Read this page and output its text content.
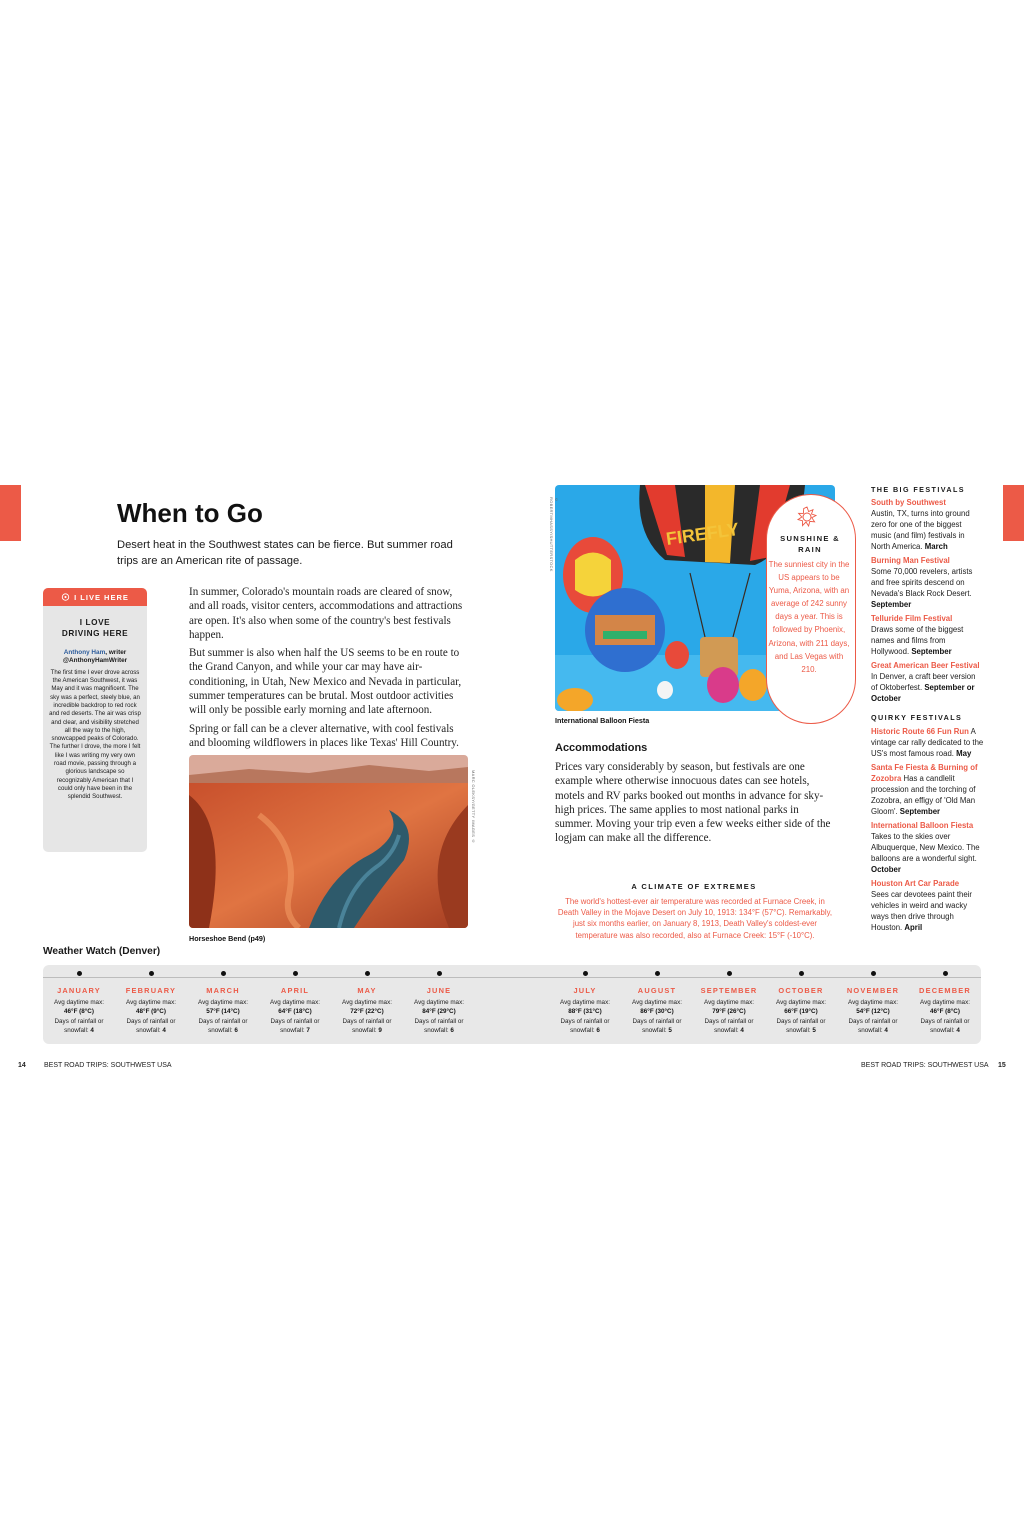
When to Go

Desert heat in the Southwest states can be fierce. But summer road trips are an American rite of passage.

I LIVE HERE
I LOVE
DRIVING HERE
Anthony Ham, writer
@AnthonyHamWriter
The first time I ever drove across the American Southwest, it was May and it was magnificent. The sky was a perfect, steely blue, an incredible backdrop to red rock and red deserts. The air was crisp and clear, and visibility stretched all the way to the high, snowcapped peaks of Colorado. The further I drove, the more I felt like I was writing my very own road movie, passing through a glorious landscape so recognizably American that I could only have been in the splendid Southwest.

In summer, Colorado's mountain roads are cleared of snow, and all roads, visitor centers, accommodations and attractions are open. It's also when some of the country's best festivals happen.

But summer is also when half the US seems to be en route to the Grand Canyon, and while your car may have air-conditioning, in Utah, New Mexico and Nevada in particular, summer temperatures can be brutal. Most outdoor activities will only be possible early morning and late afternoon.

Spring or fall can be a clever alternative, with cool festivals and blooming wildflowers in places like Texas' Hill Country.

MARC OLEKSY/GETTY IMAGES ©
Horseshoe Bend (p49)
FIREFLY
© ROBERTMHASSY/SHUTTERSTOCK
International Balloon Fiesta
SUNSHINE &
RAIN
The sunniest city in the US appears to be Yuma, Arizona, with an average of 242 sunny days a year. This is followed by Phoenix, Arizona, with 211 days, and Las Vegas with 210.
Accommodations

Prices vary considerably by season, but festivals are one example where otherwise innocuous dates can see hotels, motels and RV parks booked out months in advance for sky-high prices. The same applies to most national parks in summer. Moving your trip even a few weeks either side of the logjam can make all the difference.

A CLIMATE OF EXTREMES
The world's hottest-ever air temperature was recorded at Furnace Creek, in Death Valley in the Mojave Desert on July 10, 1913: 134°F (57°C). Remarkably, just six months earlier, on January 8, 1913, Death Valley's coldest-ever temperature was also recorded, also at Furnace Creek: 15°F (-10°C).
THE BIG FESTIVALS
South by Southwest
Austin, TX, turns into ground zero for one of the biggest music (and film) festivals in North America. March
Burning Man Festival
Some 70,000 revelers, artists and free spirits descend on Nevada's Black Rock Desert. September
Telluride Film Festival
Draws some of the biggest names and films from Hollywood. September
Great American Beer Festival In Denver, a craft beer version of Oktoberfest. September or October
QUIRKY FESTIVALS
Historic Route 66 Fun Run A vintage car rally dedicated to the US's most famous road. May
Santa Fe Fiesta & Burning of Zozobra Has a candlelit procession and the torching of Zozobra, an effigy of 'Old Man Gloom'. September
International Balloon Fiesta Takes to the skies over Albuquerque, New Mexico. The balloons are a wonderful sight. October
Houston Art Car Parade
Sees car devotees paint their vehicles in weird and wacky ways then drive through Houston. April
Weather Watch (Denver)
JANUARY
Avg daytime max:
46°F (8°C)
Days of rainfall or snowfall: 4
FEBRUARY
Avg daytime max:
48°F (9°C)
Days of rainfall or snowfall: 4
MARCH
Avg daytime max:
57°F (14°C)
Days of rainfall or snowfall: 6
APRIL
Avg daytime max:
64°F (18°C)
Days of rainfall or snowfall: 7
MAY
Avg daytime max:
72°F (22°C)
Days of rainfall or snowfall: 9
JUNE
Avg daytime max:
84°F (29°C)
Days of rainfall or snowfall: 6
JULY
Avg daytime max:
88°F (31°C)
Days of rainfall or snowfall: 6
AUGUST
Avg daytime max:
86°F (30°C)
Days of rainfall or snowfall: 5
SEPTEMBER
Avg daytime max:
79°F (26°C)
Days of rainfall or snowfall: 4
OCTOBER
Avg daytime max:
66°F (19°C)
Days of rainfall or snowfall: 5
NOVEMBER
Avg daytime max:
54°F (12°C)
Days of rainfall or snowfall: 4
DECEMBER
Avg daytime max:
46°F (8°C)
Days of rainfall or snowfall: 4
14	BEST ROAD TRIPS: SOUTHWEST USA	BEST ROAD TRIPS: SOUTHWEST USA 15
